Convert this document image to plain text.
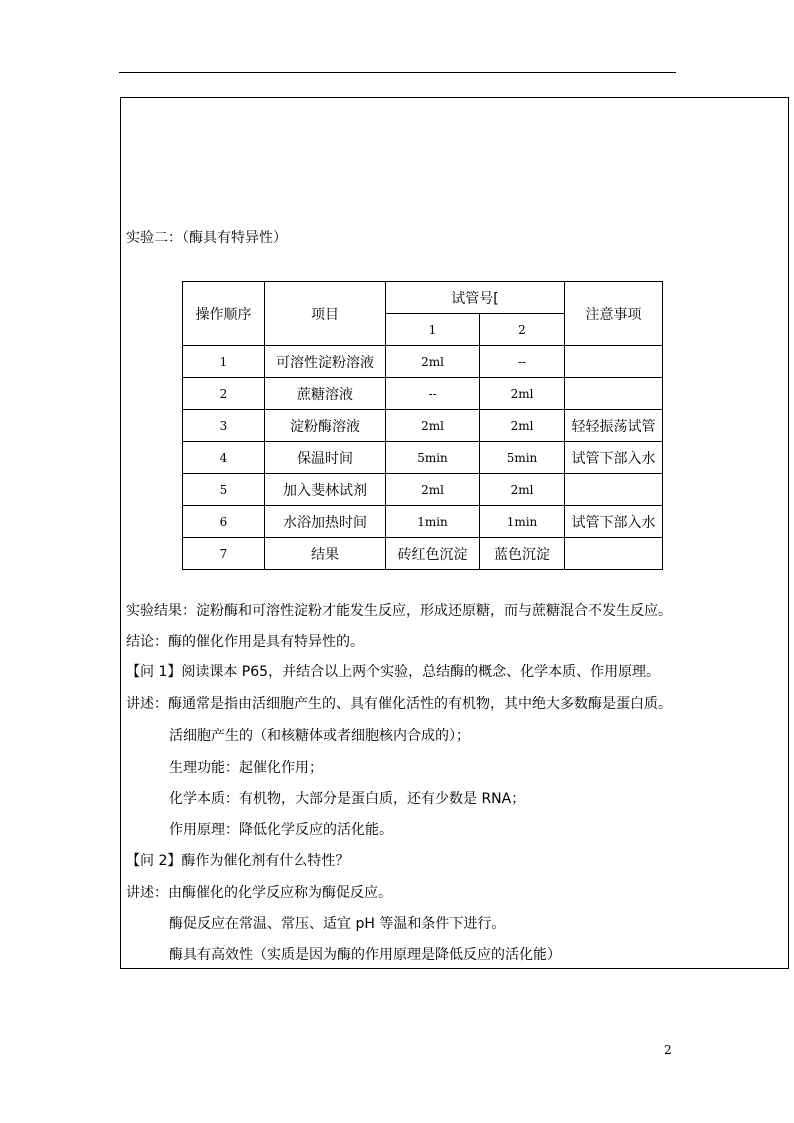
实验二：（酶具有特异性）
操作顺序	项目	试管号[		注意事项
		1	2	
1	可溶性淀粉溶液	2ml	--	
2	蔗糖溶液	--	2ml	
3	淀粉酶溶液	2ml	2ml	轻轻振荡试管
4	保温时间	5min	5min	试管下部入水
5	加入斐林试剂	2ml	2ml	
6	水浴加热时间	1min	1min	试管下部入水
7	结果	砖红色沉淀	蓝色沉淀	
实验结果：淀粉酶和可溶性淀粉才能发生反应，形成还原糖，而与蔗糖混合不发生反应。
结论：酶的催化作用是具有特异性的。
【问 1】阅读课本 P65，并结合以上两个实验，总结酶的概念、化学本质、作用原理。
讲述：酶通常是指由活细胞产生的、具有催化活性的有机物，其中绝大多数酶是蛋白质。
活细胞产生的（和核糖体或者细胞核内合成的）；
生理功能：起催化作用；
化学本质：有机物，大部分是蛋白质，还有少数是 RNA；
作用原理：降低化学反应的活化能。
【问 2】酶作为催化剂有什么特性？
讲述：由酶催化的化学反应称为酶促反应。
酶促反应在常温、常压、适宜 pH 等温和条件下进行。
酶具有高效性（实质是因为酶的作用原理是降低反应的活化能）
2
